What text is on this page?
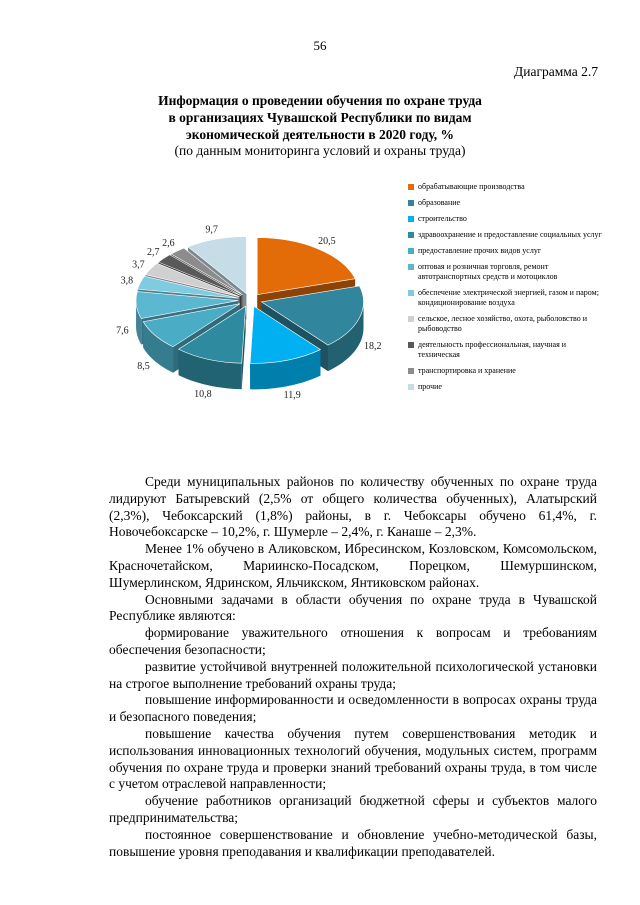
56
Диаграмма 2.7
Информация о проведении обучения по охране труда
в организациях Чувашской Республики по видам
экономической деятельности в 2020 году, %
(по данным мониторинга условий и охраны труда)
20,5
18,2
11,9
10,8
8,5
7,6
3,8
3,7
2,7
2,6
9,7
обрабатывающие производства
образование
строительство
здравоохранение и предоставление социальных услуг
предоставление прочих видов услуг
оптовая и розничная торговля, ремонт автотранспортных средств и мотоциклов
обеспечение электрической энергией, газом и паром; кондиционирование воздуха
сельское, лесное хозяйство, охота, рыболовство и рыбоводство
деятельность профессиональная, научная и техническая
транспортировка и хранение
прочие

Среди муниципальных районов по количеству обученных по охране труда лидируют Батыревский (2,5% от общего количества обученных), Алатырский (2,3%), Чебоксарский (1,8%) районы, в г. Чебоксары обучено 61,4%, г. Новочебоксарске – 10,2%, г. Шумерле – 2,4%, г. Канаше – 2,3%.

Менее 1% обучено в Аликовском, Ибресинском, Козловском, Комсомольском, Красночетайском, Мариинско-Посадском, Порецком, Шемуршинском, Шумерлинском, Ядринском, Яльчикском, Янтиковском районах.

Основными задачами в области обучения по охране труда в Чувашской Республике являются:

формирование уважительного отношения к вопросам и требованиям обеспечения безопасности;

развитие устойчивой внутренней положительной психологической установки на строгое выполнение требований охраны труда;

повышение информированности и осведомленности в вопросах охраны труда и безопасного поведения;

повышение качества обучения путем совершенствования методик и использования инновационных технологий обучения, модульных систем, программ обучения по охране труда и проверки знаний требований охраны труда, в том числе с учетом отраслевой направленности;

обучение работников организаций бюджетной сферы и субъектов малого предпринимательства;

постоянное совершенствование и обновление учебно-методической базы, повышение уровня преподавания и квалификации преподавателей.
